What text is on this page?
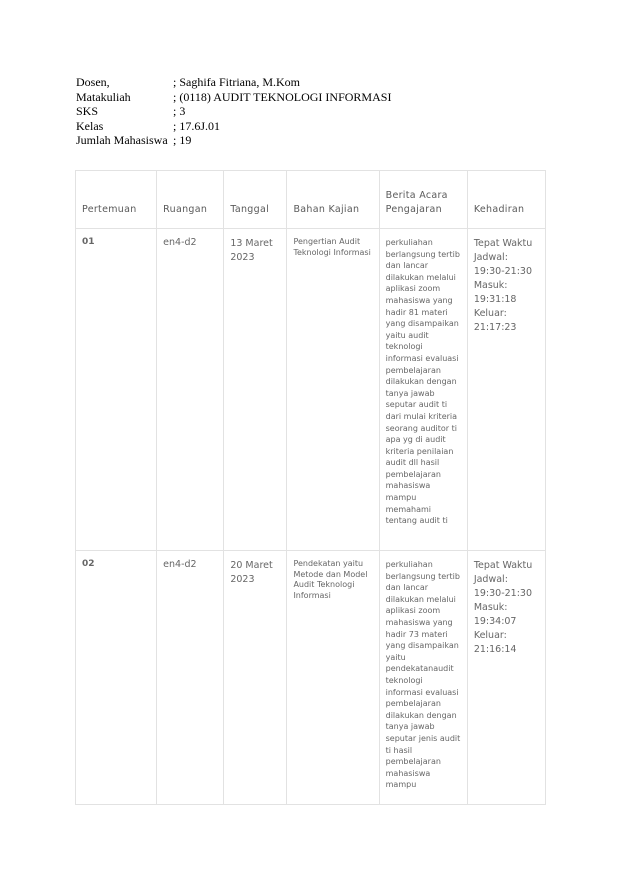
Dosen,	; Saghifa Fitriana, M.Kom
Matakuliah	; (0118) AUDIT TEKNOLOGI INFORMASI
SKS	; 3
Kelas	; 17.6J.01
Jumlah Mahasiswa ; 19
Pertemuan	Ruangan	Tanggal	Bahan Kajian	Berita Acara Pengajaran	Kehadiran
01	en4-d2	13 Maret 2023	Pengertian Audit Teknologi Informasi	perkuliahan berlangsung tertib dan lancar dilakukan melalui aplikasi zoom mahasiswa yang hadir 81 materi yang disampaikan yaitu audit teknologi informasi evaluasi pembelajaran dilakukan dengan tanya jawab seputar audit ti dari mulai kriteria seorang auditor ti apa yg di audit kriteria penilaian audit dll hasil pembelajaran mahasiswa mampu memahami tentang audit ti	Tepat Waktu Jadwal: 19:30-21:30 Masuk: 19:31:18 Keluar: 21:17:23
02	en4-d2	20 Maret 2023	Pendekatan yaitu Metode dan Model Audit Teknologi Informasi	perkuliahan berlangsung tertib dan lancar dilakukan melalui aplikasi zoom mahasiswa yang hadir 73 materi yang disampaikan yaitu pendekatanaudit teknologi informasi evaluasi pembelajaran dilakukan dengan tanya jawab seputar jenis audit ti hasil pembelajaran mahasiswa mampu	Tepat Waktu Jadwal: 19:30-21:30 Masuk: 19:34:07 Keluar: 21:16:14
